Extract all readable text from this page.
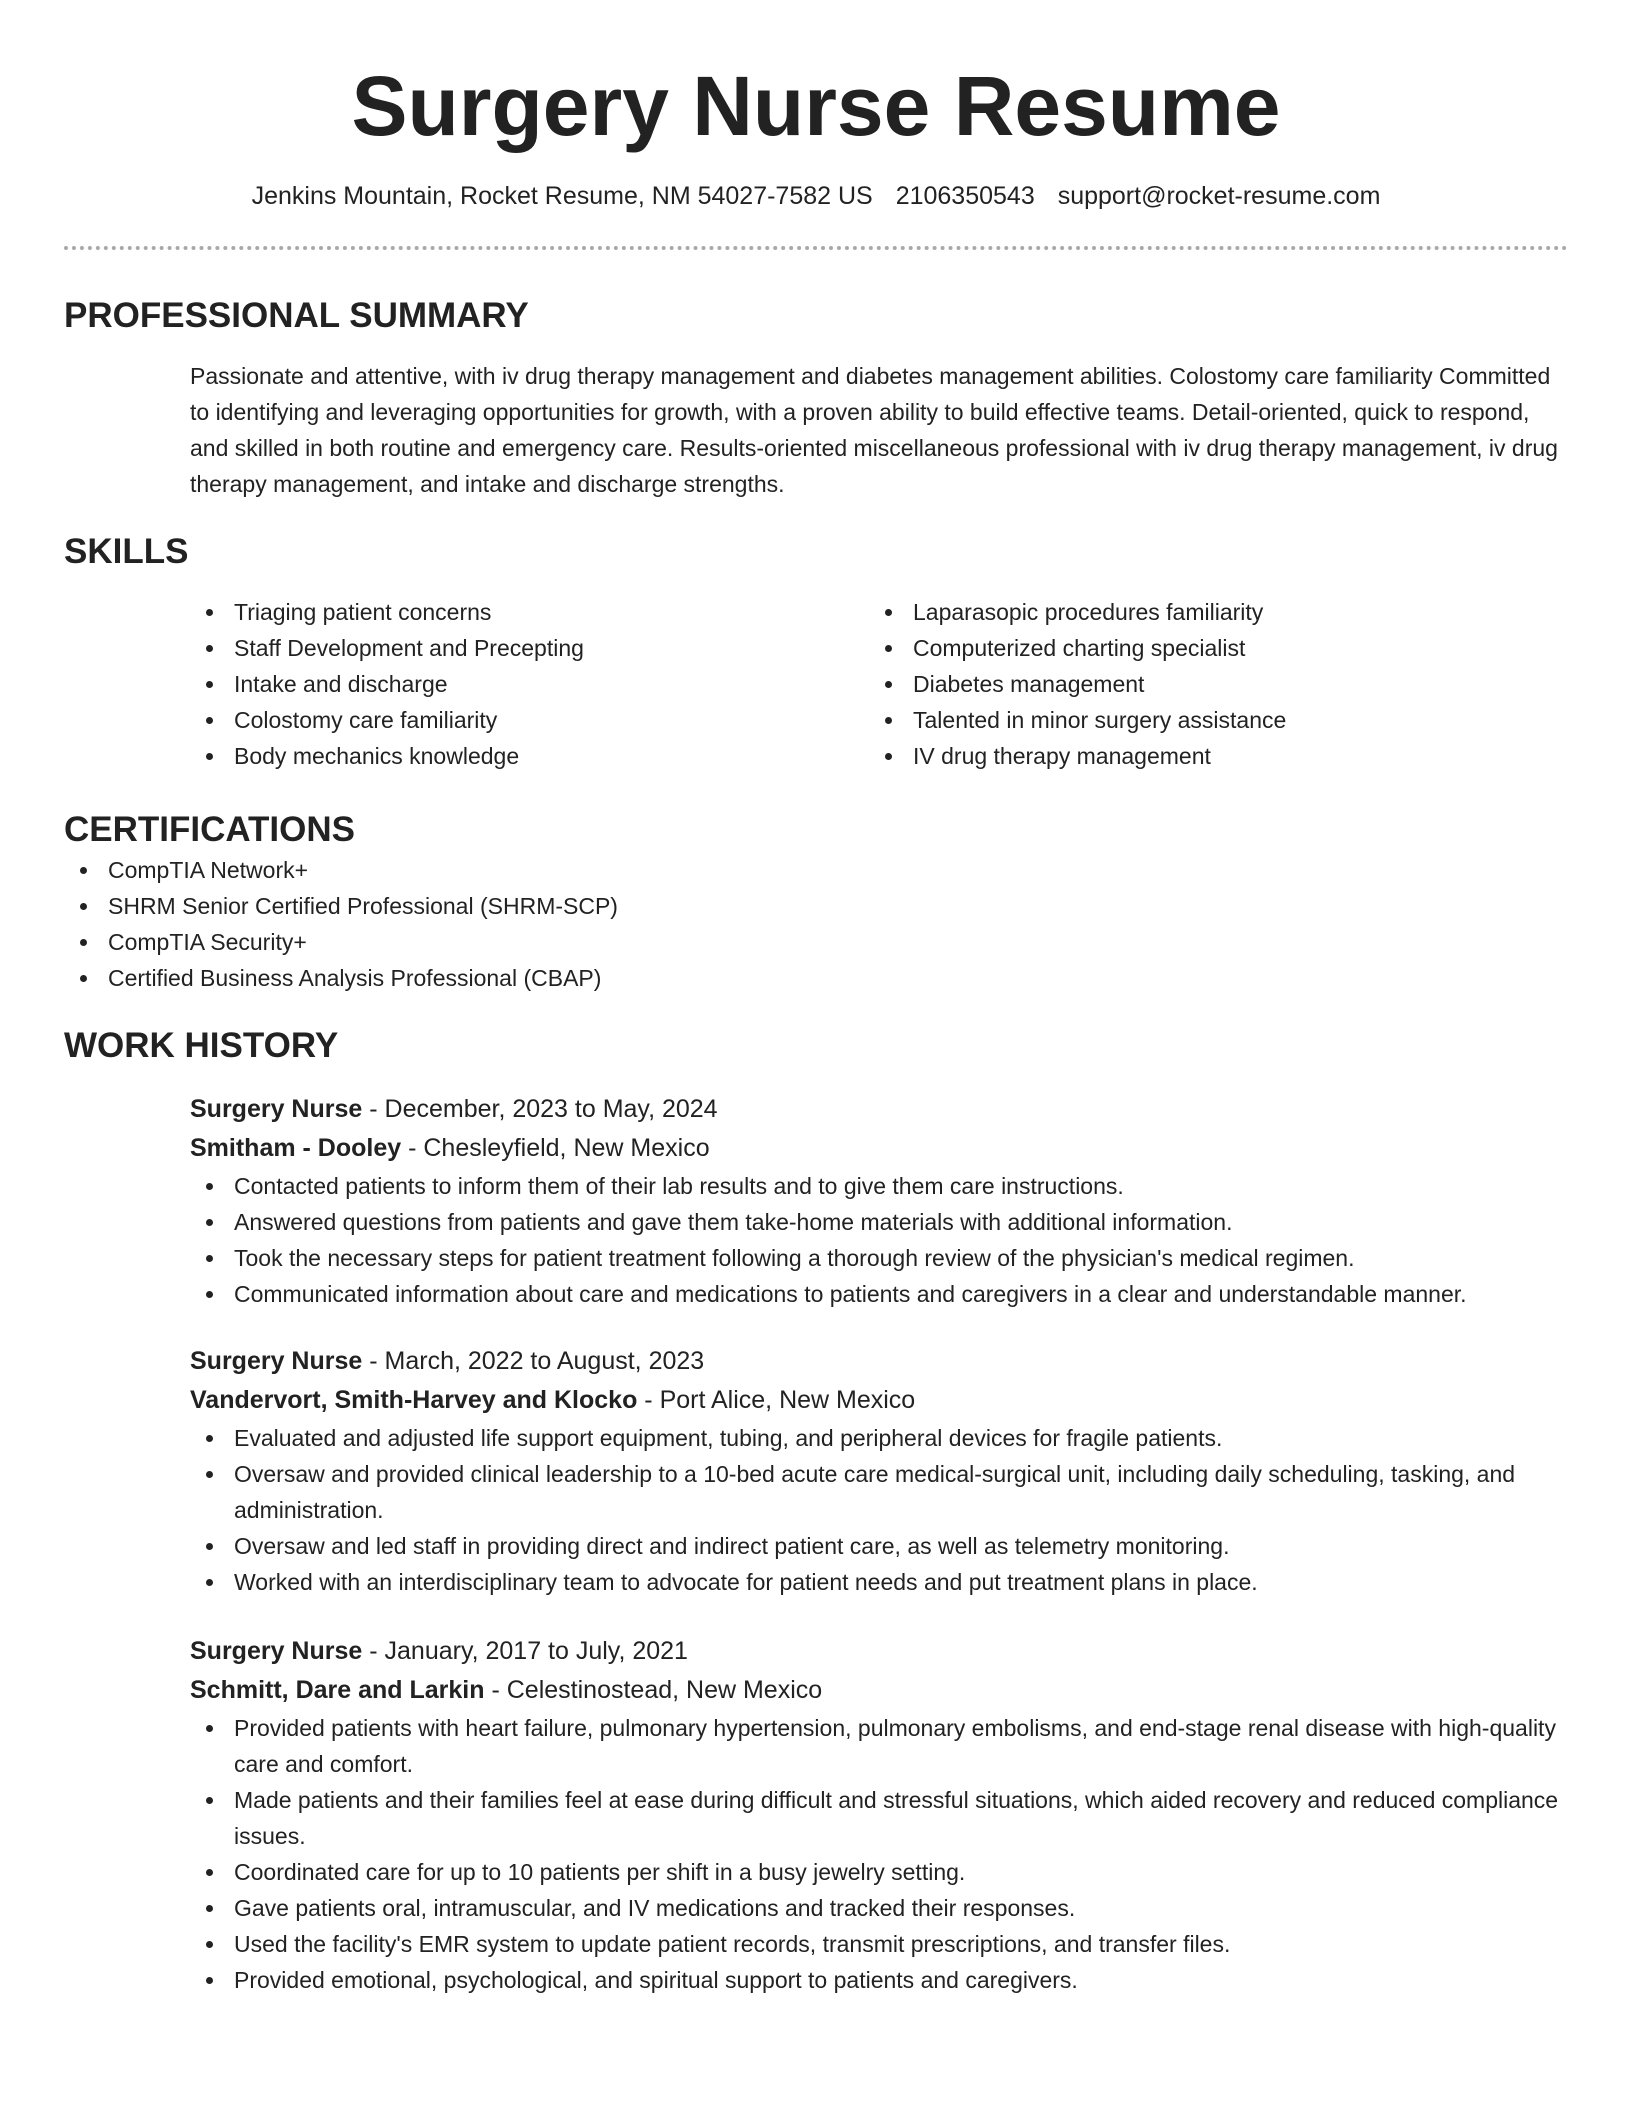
Surgery Nurse Resume
Jenkins Mountain, Rocket Resume, NM 54027-7582 US 2106350543 support@rocket-resume.com
PROFESSIONAL SUMMARY
Passionate and attentive, with iv drug therapy management and diabetes management abilities. Colostomy care familiarity Committed to identifying and leveraging opportunities for growth, with a proven ability to build effective teams. Detail-oriented, quick to respond, and skilled in both routine and emergency care. Results-oriented miscellaneous professional with iv drug therapy management, iv drug therapy management, and intake and discharge strengths.
SKILLS
Triaging patient concerns
Staff Development and Precepting
Intake and discharge
Colostomy care familiarity
Body mechanics knowledge
Laparasopic procedures familiarity
Computerized charting specialist
Diabetes management
Talented in minor surgery assistance
IV drug therapy management
CERTIFICATIONS
CompTIA Network+
SHRM Senior Certified Professional (SHRM-SCP)
CompTIA Security+
Certified Business Analysis Professional (CBAP)
WORK HISTORY
Surgery Nurse - December, 2023 to May, 2024
Smitham - Dooley - Chesleyfield, New Mexico
Contacted patients to inform them of their lab results and to give them care instructions.
Answered questions from patients and gave them take-home materials with additional information.
Took the necessary steps for patient treatment following a thorough review of the physician's medical regimen.
Communicated information about care and medications to patients and caregivers in a clear and understandable manner.
Surgery Nurse - March, 2022 to August, 2023
Vandervort, Smith-Harvey and Klocko - Port Alice, New Mexico
Evaluated and adjusted life support equipment, tubing, and peripheral devices for fragile patients.
Oversaw and provided clinical leadership to a 10-bed acute care medical-surgical unit, including daily scheduling, tasking, and administration.
Oversaw and led staff in providing direct and indirect patient care, as well as telemetry monitoring.
Worked with an interdisciplinary team to advocate for patient needs and put treatment plans in place.
Surgery Nurse - January, 2017 to July, 2021
Schmitt, Dare and Larkin - Celestinostead, New Mexico
Provided patients with heart failure, pulmonary hypertension, pulmonary embolisms, and end-stage renal disease with high-quality care and comfort.
Made patients and their families feel at ease during difficult and stressful situations, which aided recovery and reduced compliance issues.
Coordinated care for up to 10 patients per shift in a busy jewelry setting.
Gave patients oral, intramuscular, and IV medications and tracked their responses.
Used the facility's EMR system to update patient records, transmit prescriptions, and transfer files.
Provided emotional, psychological, and spiritual support to patients and caregivers.
